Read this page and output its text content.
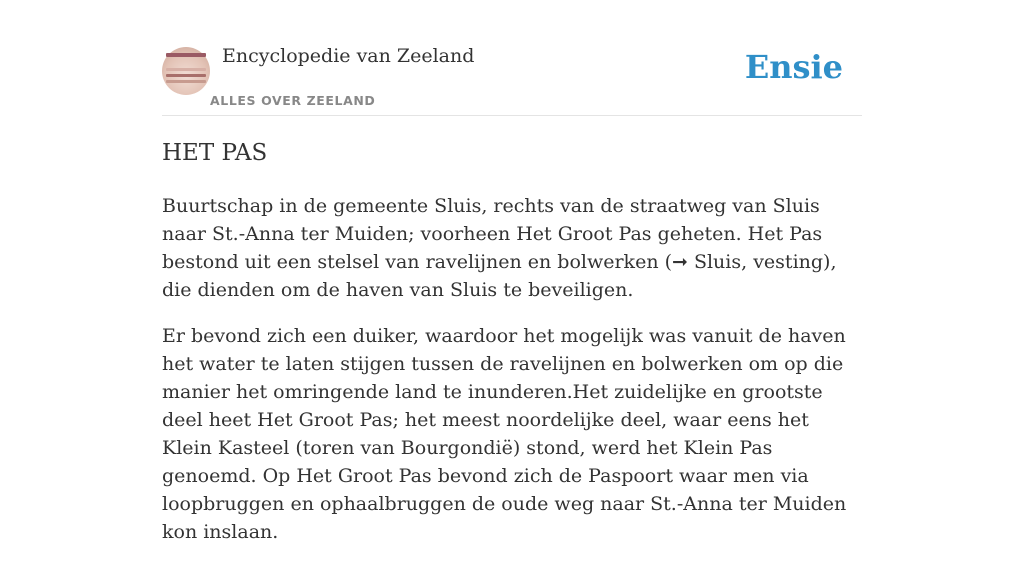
Encyclopedie van Zeeland
ALLES OVER ZEELAND
Ensie
HET PAS

Buurtschap in de gemeente Sluis, rechts van de straatweg van Sluis naar St.-Anna ter Muiden; voorheen Het Groot Pas geheten. Het Pas bestond uit een stelsel van ravelijnen en bolwerken (➞ Sluis, vesting), die dienden om de haven van Sluis te beveiligen.

Er bevond zich een duiker, waardoor het mogelijk was vanuit de haven het water te laten stijgen tussen de ravelijnen en bolwerken om op die manier het omringende land te inunderen.Het zuidelijke en grootste deel heet Het Groot Pas; het meest noordelijke deel, waar eens het Klein Kasteel (toren van Bourgondië) stond, werd het Klein Pas genoemd. Op Het Groot Pas bevond zich de Paspoort waar men via loopbruggen en ophaalbruggen de oude weg naar St.-Anna ter Muiden kon inslaan.
